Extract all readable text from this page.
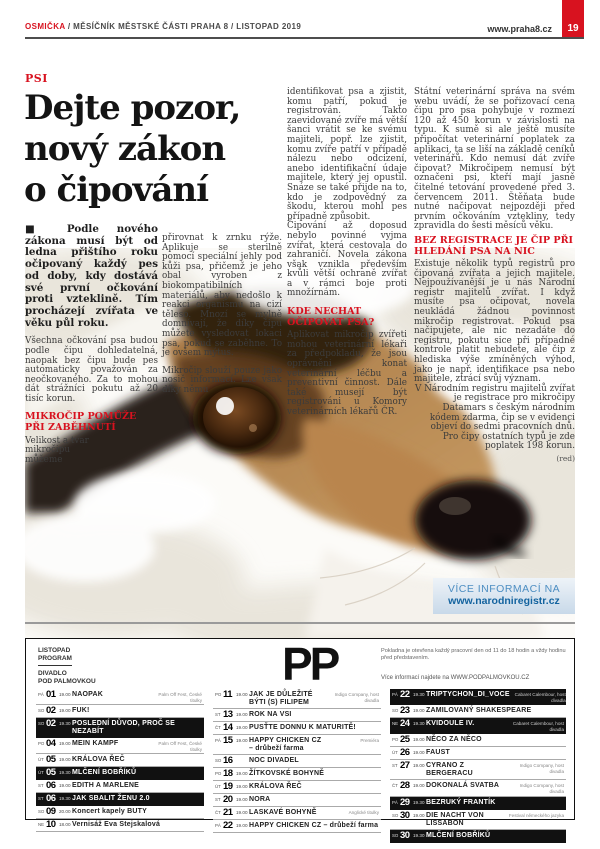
OSMIČKA / MĚSÍČNÍK MĚSTSKÉ ČÁSTI PRAHA 8 / LISTOPAD 2019	www.praha8.cz	19
PSI
Dejte pozor,
nový zákon
o čipování

■ Podle nového zákona musí být od ledna přištího roku očipovaný každý pes od doby, kdy dostává své první očkování proti vzteklině. Tím procházejí zvířata ve věku půl roku.

Všechna očkování psa budou podle čipu dohledatelná, naopak bez čipu bude pes automaticky považován za neočkovaného. Za to mohou dát strážníci pokutu až 20 tisíc korun.

MIKROČIP POMŮŽE PŘI ZABĚHNUTÍ

Velikost a tvar mikročipu můžeme

přirovnat k zrnku rýže. Aplikuje se sterilně pomocí speciální jehly pod kůži psa, přičemž je jeho obal vyroben z biokompatibilních materiálů, aby nedošlo k reakci organismu na cizí těleso. Mnozí se mylně domnívají, že díky čipu můžete vysledovat lokaci psa, pokud se zaběhne. To je ovšem mýtus.

Mikročip slouží pouze jako nosič informací. Lze však díky němu

identifikovat psa a zjistit, komu patří, pokud je registrován. Takto zaevidované zvíře má větší šanci vrátit se ke svému majiteli, popř. lze zjistit, komu zvíře patří v případě nálezu nebo odcizení, anebo identifikační údaje majitele, který jej opustil. Snáze se také přijde na to, kdo je zodpovědný za škodu, kterou mohl pes případně způsobit.

Čipování až doposud nebylo povinné vyjma zvířat, která cestovala do zahraničí. Novela zákona však vznikla především kvůli větší ochraně zvířat a v rámci boje proti množírnám.

KDE NECHAT OČIPOVAT PSA?

Aplikovat mikročip zvířeti mohou veterinární lékaři za předpokladu, že jsou oprávněni konat veterinární léčbu a preventivní činnost. Dále také musejí být registrováni u Komory veterinárních lékařů ČR.

Státní veterinární správa na svém webu uvádí, že se pořizovací cena čipu pro psa pohybuje v rozmezí 120 až 450 korun v závislosti na typu. K sumě si ale ještě musíte připočítat veterinární poplatek za aplikaci, ta se liší na základě ceníků veterinářů. Kdo nemusí dát zvíře čipovat? Mikročipem nemusí být označeni psi, kteří mají jasně čitelné tetování provedené před 3. červencem 2011. Štěňata bude nutné načipovat nejpozději před prvním očkováním vztekliny, tedy zpravidla do šesti měsíců věku.

BEZ REGISTRACE JE ČIP PŘI HLEDÁNÍ PSA NA NIC

Existuje několik typů registrů pro čipovaná zvířata a jejich majitele. Nejpoužívanější je u nás Národní registr majitelů zvířat. I když musíte psa očipovat, novela neukládá žádnou povinnost mikročip registrovat. Pokud psa načipujete, ale nic nezadáte do registru, pokutu sice při případné kontrole platit nebudete, ale čip z hlediska výše zmíněných výhod, jako je např. identifikace psa nebo majitele, ztrácí svůj význam.

V Národním registru majitelů zvířat je registrace pro mikročipy Datamars s českým národním kódem zdarma, čip se v evidenci objeví do sedmi pracovních dnů. Pro čipy ostatních typů je zde poplatek 198 korun.

(red)
VÍCE INFORMACÍ NA
www.narodniregistr.cz
LISTOPAD
PROGRAM
DIVADLO
POD PALMOVKOU	PP	Pokladna je otevřena každý pracovní den od 11 do 18 hodin a vždy hodinu před představením.
Více informací najdete na WWW.PODPALMOVKOU.CZ
PÁ 01 19.00 NAOPAK	Palm Off Fest, České titulky
SO 02 19.00 FUK!
SO 02 19.30 POSLEDNÍ DŮVOD, PROČ SE NEZABÍT
PO 04 19.00 MEIN KAMPF	Palm Off Fest, České titulky
ÚT 05 19.00 KRÁLOVA ŘEČ
ÚT 05 19.30 MLČENÍ BOBŘÍKŮ
ST 06 19.00 EDITH A MARLENE
ST 06 19.30 JAK SBALIT ŽENU 2.0
SO 09 20.00 Koncert kapely BUTY
NE 10 18.00 Vernisáž Eva Stejskalová
PO 11 19.00 JAK JE DŮLEŽITÉ BÝTI (S) FILIPEM
Indigo Company, host divadla
ST 13 19.00 ROK NA VSI
ČT 14 19.00 PUSŤTE DONNU K MATURITĚ!
PÁ 15 19.00 HAPPY CHICKEN CZ – drůbeží farma
Premiéra
SO 16	NOC DIVADEL
PO 18 19.00 ŽÍTKOVSKÉ BOHYNĚ
ÚT 19 19.00 KRÁLOVA ŘEČ
ST 20 19.00 NORA
ČT 21 19.00 LASKAVÉ BOHYNĚ	Anglické titulky
PÁ 22 19.00 HAPPY CHICKEN CZ – drůbeží farma
PÁ 22 19.30 TRIPTYCHON_DI_VOCE	Cabaret Calembour, host divadla
SO 23 19.00 ZAMILOVANÝ SHAKESPEARE
NE 24 19.30 KVIDOULE IV.	Cabaret Calembour, host divadla
PO 25 19.00 NĚCO ZA NĚCO
ÚT 26 19.00 FAUST
ST 27 19.00 CYRANO Z BERGERACU
Indigo Company, host divadla
ČT 28 19.00 DOKONALÁ SVATBA	Indigo Company, host divadla
PÁ 29 19.30 BEZRUKÝ FRANTÍK
SO 30 19.00 DIE NACHT VON LISSABON
Festival německého jazyka
SO 30 19.30 MLČENÍ BOBŘÍKŮ
